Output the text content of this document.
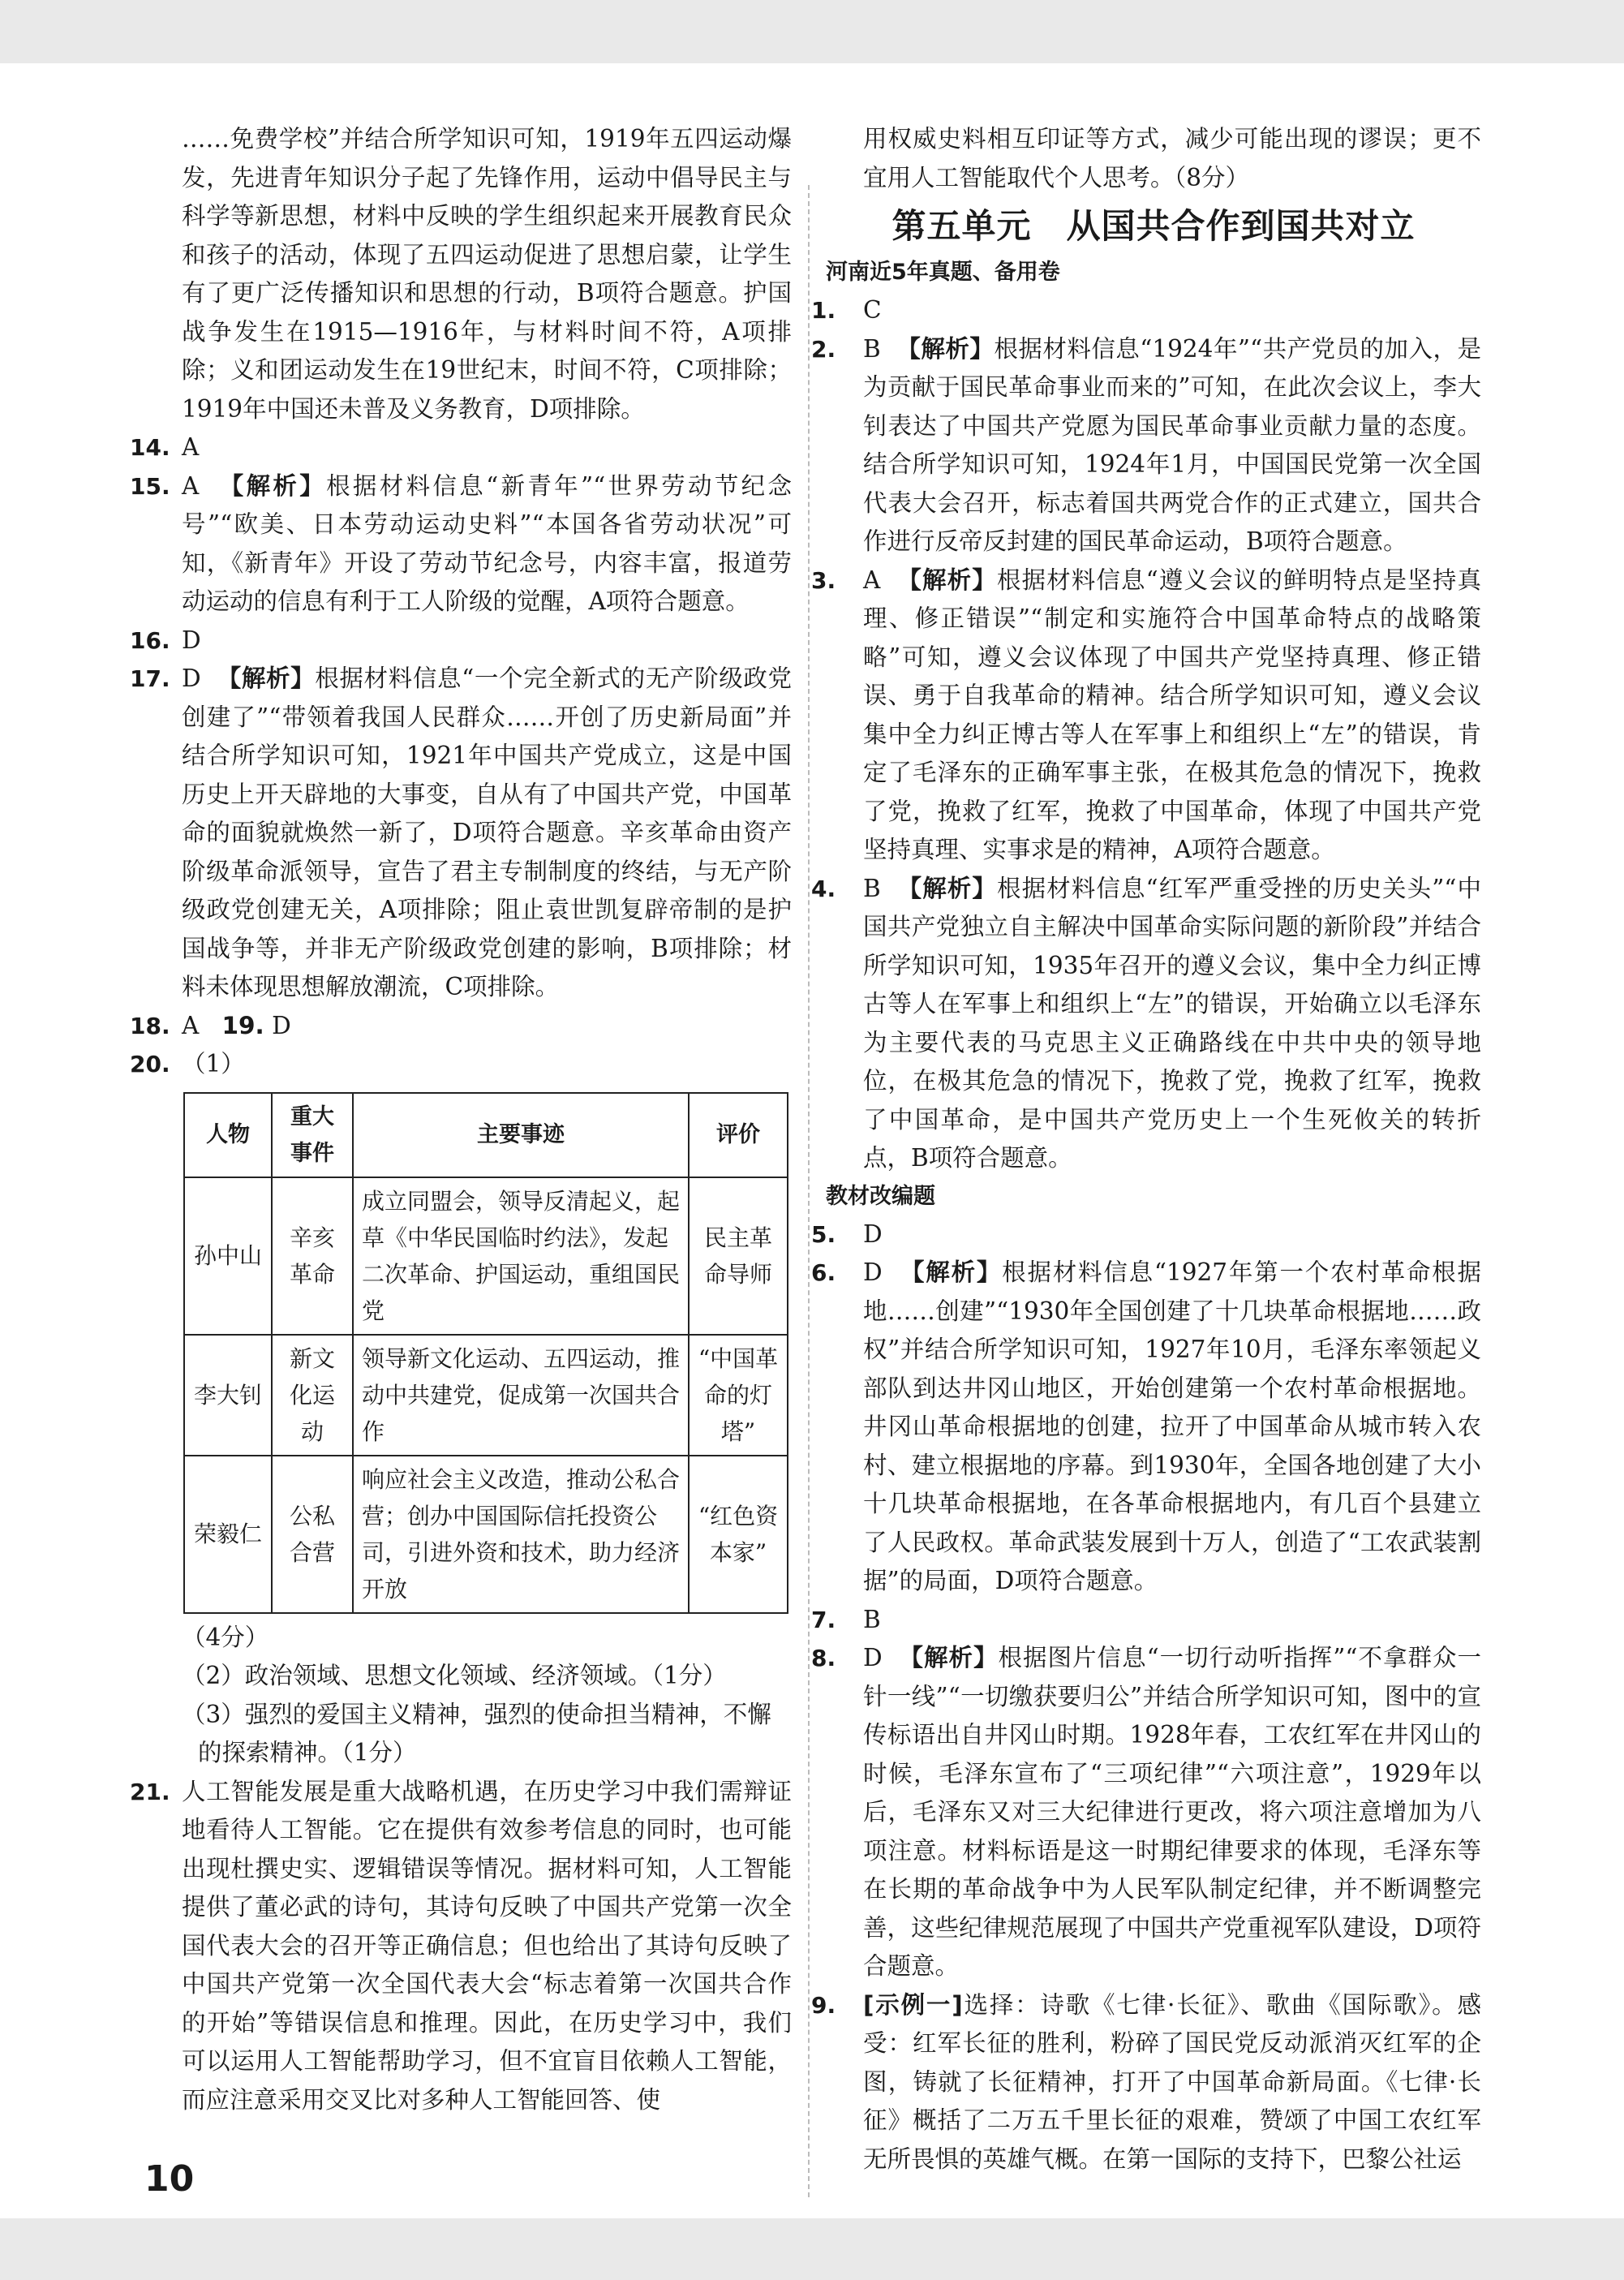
……免费学校”并结合所学知识可知，1919年五四运动爆发，先进青年知识分子起了先锋作用，运动中倡导民主与科学等新思想，材料中反映的学生组织起来开展教育民众和孩子的活动，体现了五四运动促进了思想启蒙，让学生有了更广泛传播知识和思想的行动，B项符合题意。护国战争发生在1915—1916年，与材料时间不符，A项排除；义和团运动发生在19世纪末，时间不符，C项排除；1919年中国还未普及义务教育，D项排除。

14. A

15. A 【解析】根据材料信息“新青年”“世界劳动节纪念号”“欧美、日本劳动运动史料”“本国各省劳动状况”可知，《新青年》开设了劳动节纪念号，内容丰富，报道劳动运动的信息有利于工人阶级的觉醒，A项符合题意。

16. D

17. D 【解析】根据材料信息“一个完全新式的无产阶级政党创建了”“带领着我国人民群众……开创了历史新局面”并结合所学知识可知，1921年中国共产党成立，这是中国历史上开天辟地的大事变，自从有了中国共产党，中国革命的面貌就焕然一新了，D项符合题意。辛亥革命由资产阶级革命派领导，宣告了君主专制制度的终结，与无产阶级政党创建无关，A项排除；阻止袁世凯复辟帝制的是护国战争等，并非无产阶级政党创建的影响，B项排除；材料未体现思想解放潮流，C项排除。

18. A 19. D

20. （1）

人物	重大事件	主要事迹	评价
孙中山	辛亥革命	成立同盟会，领导反清起义，起草《中华民国临时约法》，发起二次革命、护国运动，重组国民党	民主革命导师
李大钊	新文化运动	领导新文化运动、五四运动，推动中共建党，促成第一次国共合作	“中国革命的灯塔”
荣毅仁	公私合营	响应社会主义改造，推动公私合营；创办中国国际信托投资公司，引进外资和技术，助力经济开放	“红色资本家”

（4分）

（2）政治领域、思想文化领域、经济领域。（1分）

（3）强烈的爱国主义精神，强烈的使命担当精神，不懈的探索精神。（1分）

21. 人工智能发展是重大战略机遇，在历史学习中我们需辩证地看待人工智能。它在提供有效参考信息的同时，也可能出现杜撰史实、逻辑错误等情况。据材料可知，人工智能提供了董必武的诗句，其诗句反映了中国共产党第一次全国代表大会的召开等正确信息；但也给出了其诗句反映了中国共产党第一次全国代表大会“标志着第一次国共合作的开始”等错误信息和推理。因此，在历史学习中，我们可以运用人工智能帮助学习，但不宜盲目依赖人工智能，而应注意采用交叉比对多种人工智能回答、使

用权威史料相互印证等方式，减少可能出现的谬误；更不宜用人工智能取代个人思考。（8分）

第五单元　从国共合作到国共对立

河南近5年真题、备用卷

1. C

2. B 【解析】根据材料信息“1924年”“共产党员的加入，是为贡献于国民革命事业而来的”可知，在此次会议上，李大钊表达了中国共产党愿为国民革命事业贡献力量的态度。结合所学知识可知，1924年1月，中国国民党第一次全国代表大会召开，标志着国共两党合作的正式建立，国共合作进行反帝反封建的国民革命运动，B项符合题意。

3. A 【解析】根据材料信息“遵义会议的鲜明特点是坚持真理、修正错误”“制定和实施符合中国革命特点的战略策略”可知，遵义会议体现了中国共产党坚持真理、修正错误、勇于自我革命的精神。结合所学知识可知，遵义会议集中全力纠正博古等人在军事上和组织上“左”的错误，肯定了毛泽东的正确军事主张，在极其危急的情况下，挽救了党，挽救了红军，挽救了中国革命，体现了中国共产党坚持真理、实事求是的精神，A项符合题意。

4. B 【解析】根据材料信息“红军严重受挫的历史关头”“中国共产党独立自主解决中国革命实际问题的新阶段”并结合所学知识可知，1935年召开的遵义会议，集中全力纠正博古等人在军事上和组织上“左”的错误，开始确立以毛泽东为主要代表的马克思主义正确路线在中共中央的领导地位，在极其危急的情况下，挽救了党，挽救了红军，挽救了中国革命，是中国共产党历史上一个生死攸关的转折点，B项符合题意。

教材改编题

5. D

6. D 【解析】根据材料信息“1927年第一个农村革命根据地……创建”“1930年全国创建了十几块革命根据地……政权”并结合所学知识可知，1927年10月，毛泽东率领起义部队到达井冈山地区，开始创建第一个农村革命根据地。井冈山革命根据地的创建，拉开了中国革命从城市转入农村、建立根据地的序幕。到1930年，全国各地创建了大小十几块革命根据地，在各革命根据地内，有几百个县建立了人民政权。革命武装发展到十万人，创造了“工农武装割据”的局面，D项符合题意。

7. B

8. D 【解析】根据图片信息“一切行动听指挥”“不拿群众一针一线”“一切缴获要归公”并结合所学知识可知，图中的宣传标语出自井冈山时期。1928年春，工农红军在井冈山的时候，毛泽东宣布了“三项纪律”“六项注意”，1929年以后，毛泽东又对三大纪律进行更改，将六项注意增加为八项注意。材料标语是这一时期纪律要求的体现，毛泽东等在长期的革命战争中为人民军队制定纪律，并不断调整完善，这些纪律规范展现了中国共产党重视军队建设，D项符合题意。

9. [示例一]选择：诗歌《七律·长征》、歌曲《国际歌》。感受：红军长征的胜利，粉碎了国民党反动派消灭红军的企图，铸就了长征精神，打开了中国革命新局面。《七律·长征》概括了二万五千里长征的艰难，赞颂了中国工农红军无所畏惧的英雄气概。在第一国际的支持下，巴黎公社运

10
